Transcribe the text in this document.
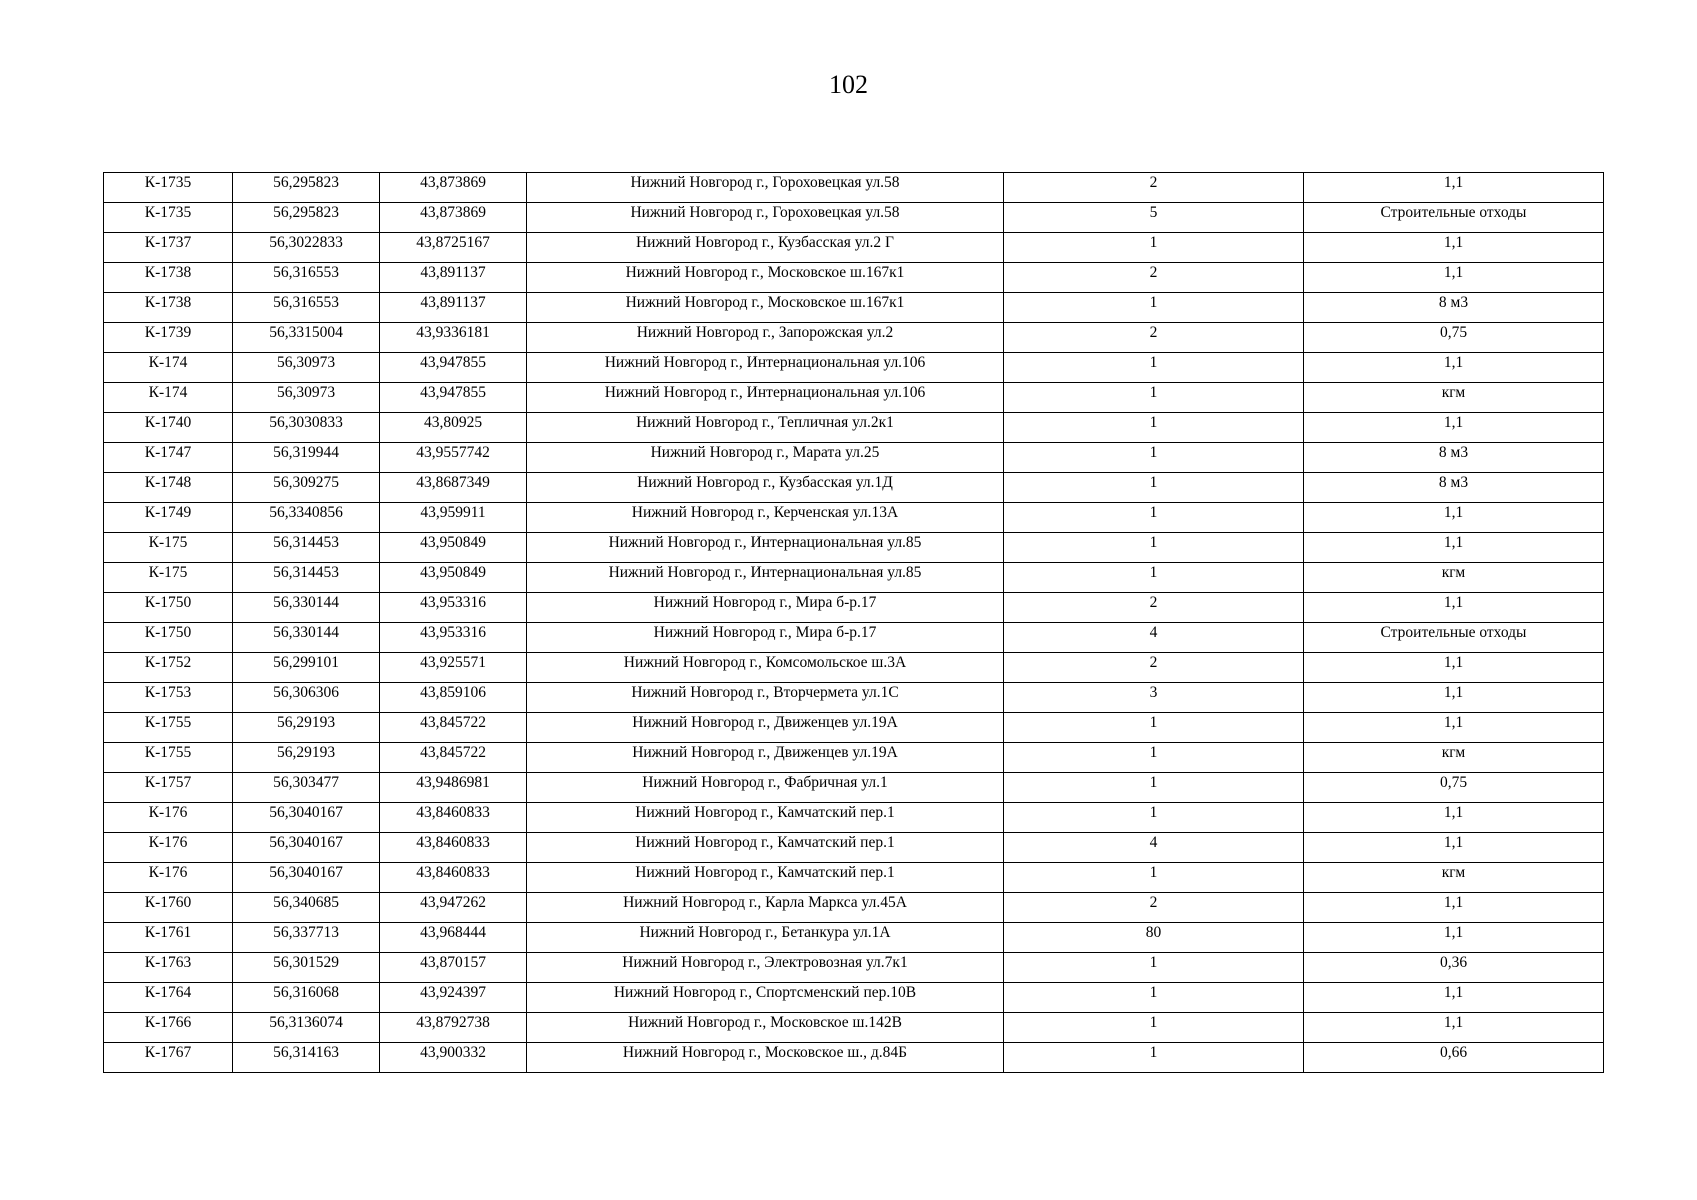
102
К-1735	56,295823	43,873869	Нижний Новгород г., Гороховецкая ул.58	2	1,1
К-1735	56,295823	43,873869	Нижний Новгород г., Гороховецкая ул.58	5	Строительные отходы
К-1737	56,3022833	43,8725167	Нижний Новгород г., Кузбасская ул.2 Г	1	1,1
К-1738	56,316553	43,891137	Нижний Новгород г., Московское ш.167к1	2	1,1
К-1738	56,316553	43,891137	Нижний Новгород г., Московское ш.167к1	1	8 м3
К-1739	56,3315004	43,9336181	Нижний Новгород г., Запорожская ул.2	2	0,75
К-174	56,30973	43,947855	Нижний Новгород г., Интернациональная ул.106	1	1,1
К-174	56,30973	43,947855	Нижний Новгород г., Интернациональная ул.106	1	кгм
К-1740	56,3030833	43,80925	Нижний Новгород г., Тепличная ул.2к1	1	1,1
К-1747	56,319944	43,9557742	Нижний Новгород г., Марата ул.25	1	8 м3
К-1748	56,309275	43,8687349	Нижний Новгород г., Кузбасская ул.1Д	1	8 м3
К-1749	56,3340856	43,959911	Нижний Новгород г., Керченская ул.13А	1	1,1
К-175	56,314453	43,950849	Нижний Новгород г., Интернациональная ул.85	1	1,1
К-175	56,314453	43,950849	Нижний Новгород г., Интернациональная ул.85	1	кгм
К-1750	56,330144	43,953316	Нижний Новгород г., Мира б-р.17	2	1,1
К-1750	56,330144	43,953316	Нижний Новгород г., Мира б-р.17	4	Строительные отходы
К-1752	56,299101	43,925571	Нижний Новгород г., Комсомольское ш.3А	2	1,1
К-1753	56,306306	43,859106	Нижний Новгород г., Вторчермета ул.1С	3	1,1
К-1755	56,29193	43,845722	Нижний Новгород г., Движенцев ул.19А	1	1,1
К-1755	56,29193	43,845722	Нижний Новгород г., Движенцев ул.19А	1	кгм
К-1757	56,303477	43,9486981	Нижний Новгород г., Фабричная ул.1	1	0,75
К-176	56,3040167	43,8460833	Нижний Новгород г., Камчатский пер.1	1	1,1
К-176	56,3040167	43,8460833	Нижний Новгород г., Камчатский пер.1	4	1,1
К-176	56,3040167	43,8460833	Нижний Новгород г., Камчатский пер.1	1	кгм
К-1760	56,340685	43,947262	Нижний Новгород г., Карла Маркса ул.45А	2	1,1
К-1761	56,337713	43,968444	Нижний Новгород г., Бетанкура ул.1А	80	1,1
К-1763	56,301529	43,870157	Нижний Новгород г., Электровозная ул.7к1	1	0,36
К-1764	56,316068	43,924397	Нижний Новгород г., Спортсменский пер.10В	1	1,1
К-1766	56,3136074	43,8792738	Нижний Новгород г., Московское ш.142В	1	1,1
К-1767	56,314163	43,900332	Нижний Новгород г., Московское ш., д.84Б	1	0,66
